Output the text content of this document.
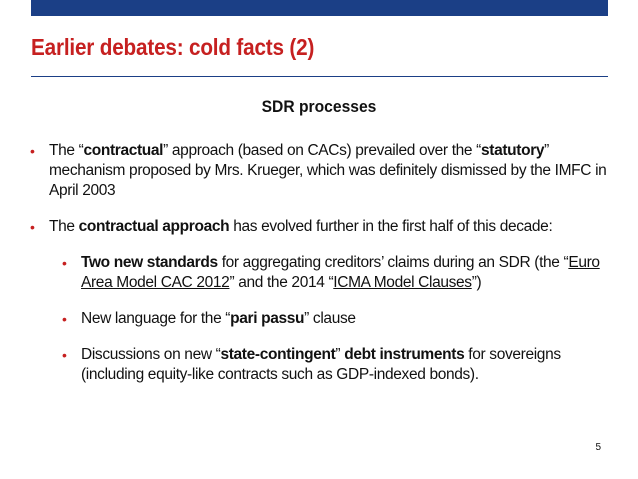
Earlier debates: cold facts (2)
SDR processes
• The “contractual” approach (based on CACs) prevailed over the “statutory” mechanism proposed by Mrs. Krueger, which was definitely dismissed by the IMFC in April 2003
• The contractual approach has evolved further in the first half of this decade:
• Two new standards for aggregating creditors’ claims during an SDR (the “Euro Area Model CAC 2012” and the 2014 “ICMA Model Clauses”)
• New language for the “pari passu” clause
• Discussions on new “state-contingent” debt instruments for sovereigns (including equity-like contracts such as GDP-indexed bonds).
5
